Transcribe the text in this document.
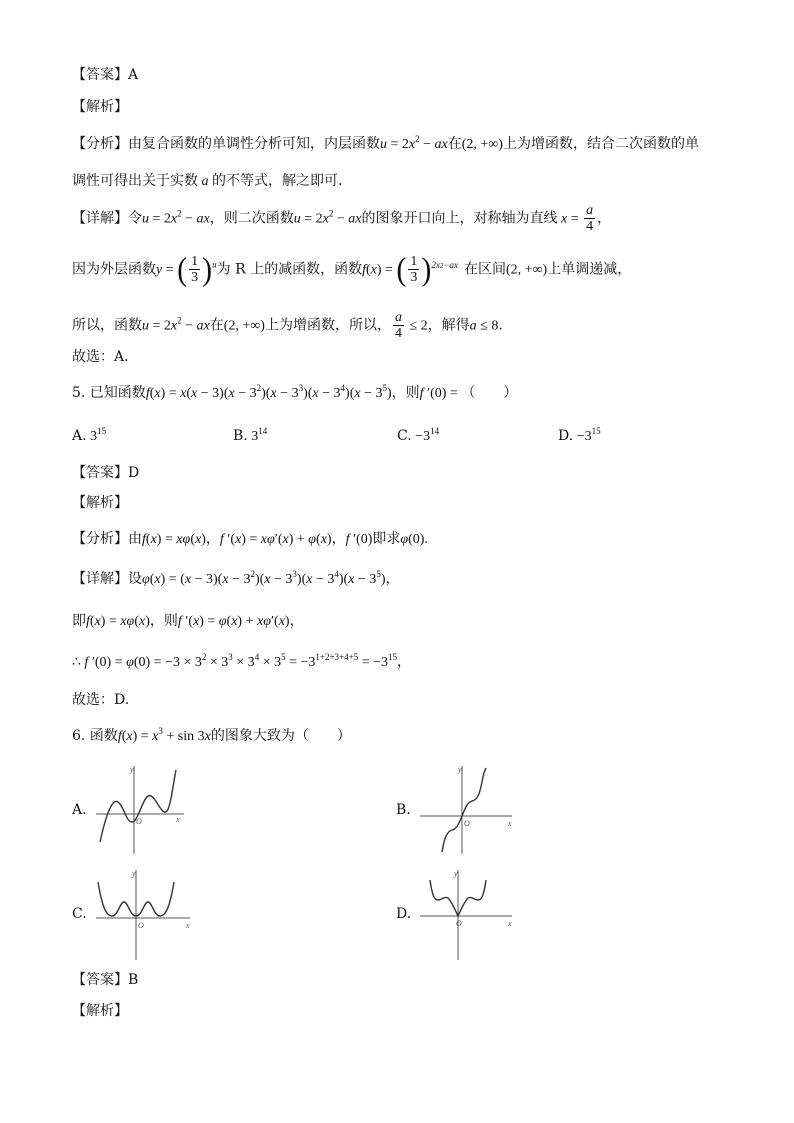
【答案】A
【解析】
【分析】由复合函数的单调性分析可知，内层函数$u = 2x^2$ − ax在(2, +∞)上为增函数，结合二次函数的单
调性可得出关于实数 a 的不等式，解之即可.
【详解】令$u = 2x^2$ − ax，则二次函数$u = 2x^2$ − ax的图象开口向上，对称轴为直线 $x = \frac{a}{4}$ ，
因为外层函数y = ( $\frac{1}{3} )^u$为 R 上的减函数，函数f(x) = ( $\frac{1}{3} )^{2x2-ax}$ 在区间(2, +∞)上单调递减，
所以，函数$u = 2x^2$ − ax在(2, +∞)上为增函数，所以， $\frac{a}{4} \le 2$，解得a ≤ 8.
故选：A.
5. 已知函数$f(x) = x(x - 3)(x - 3^2)(x - 3^3)(x - 3^4)(x - 3^5)$，则f ′(0) = （　　）
A. $3^{15}$	B. $3^{14}$	C. $-3^{14}$	D. $-3^{15}$
【答案】D
【解析】
【分析】由f(x) = xφ(x)，f ′(x) = xφ′(x) + φ(x)，f ′(0)即求φ(0).
【详解】设$\varphi(x) = (x - 3)(x - 3^2)(x - 3^3)(x - 3^4)(x - 3^5)$，
即f(x) = xφ(x)，则f ′(x) = φ(x) + xφ′(x)，
∴ f $'(0) = \varphi(0) = -3 \times 3^2 \times 3^3 \times 3^4 \times 3^5 = -3^{1+2+3+4+5} = -3^{15}$，
故选：D.
6. 函数$f(x) = x^3 + \sin 3x$的图象大致为（　　）
A.
y
x
O
B.
y
x
O
C.
y
x
O
D.
y
x
O
【答案】B
【解析】
